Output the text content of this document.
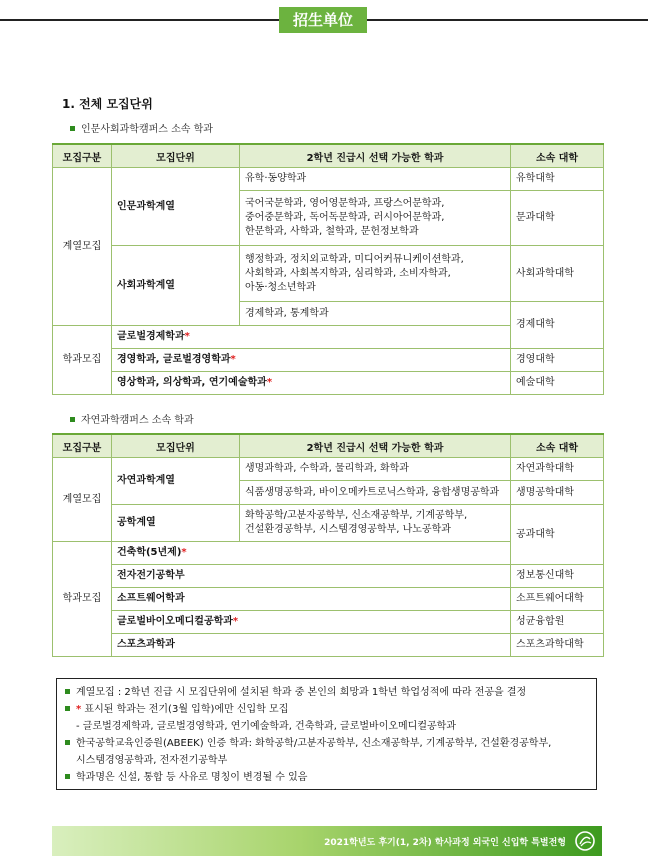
招生单位
1. 전체 모집단위
인문사회과학캠퍼스 소속 학과
모집구분	모집단위	2학년 진급시 선택 가능한 학과	소속 대학
계열모집	인문과학계열	유학·동양학과	유학대학

		국어국문학과, 영어영문학과, 프랑스어문학과,
중어중문학과, 독어독문학과, 러시아어문학과,
한문학과, 사학과, 철학과, 문헌정보학과	문과대학
	사회과학계열	행정학과, 정치외교학과, 미디어커뮤니케이션학과,
사회학과, 사회복지학과, 심리학과, 소비자학과,
아동·청소년학과	사회과학대학
		경제학과, 통계학과	경제대학
학과모집	글로벌경제학과*		
	경영학과, 글로벌경영학과*		경영대학
	영상학과, 의상학과, 연기예술학과*		예술대학
자연과학캠퍼스 소속 학과
모집구분	모집단위	2학년 진급시 선택 가능한 학과	소속 대학
계열모집	자연과학계열	생명과학과, 수학과, 물리학과, 화학과	자연과학대학
		식품생명공학과, 바이오메카트로닉스학과, 융합생명공학과	생명공학대학
	공학계열	화학공학/고분자공학부, 신소재공학부, 기계공학부,
건설환경공학부, 시스템경영공학부, 나노공학과	공과대학
학과모집	건축학(5년제)*		
	전자전기공학부		정보통신대학
	소프트웨어학과		소프트웨어대학
	글로벌바이오메디컬공학과*		성균융합원
	스포츠과학과		스포츠과학대학
계열모집 : 2학년 진급 시 모집단위에 설치된 학과 중 본인의 희망과 1학년 학업성적에 따라 전공을 결정
* 표시된 학과는 전기(3월 입학)에만 신입학 모집
- 글로벌경제학과, 글로벌경영학과, 연기예술학과, 건축학과, 글로벌바이오메디컬공학과
한국공학교육인증원(ABEEK) 인증 학과: 화학공학/고분자공학부, 신소재공학부, 기계공학부, 건설환경공학부,
시스템경영공학과, 전자전기공학부
학과명은 신설, 통합 등 사유로 명칭이 변경될 수 있음
2021학년도 후기(1, 2차) 학사과정 외국인 신입학 특별전형
